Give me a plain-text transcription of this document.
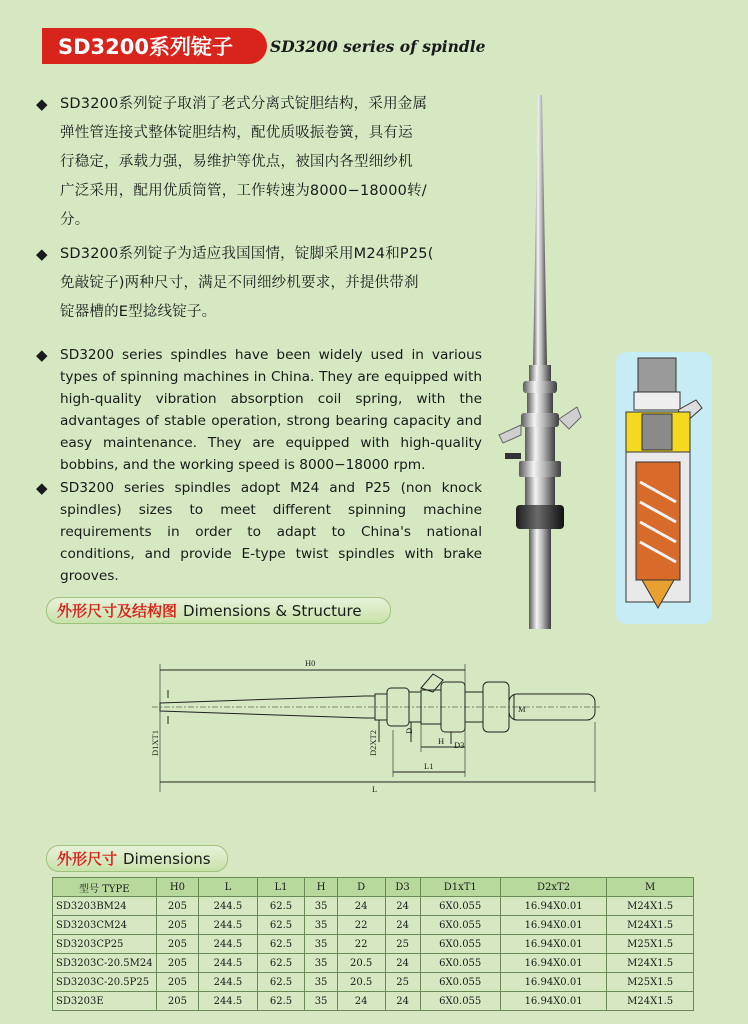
SD3200系列锭子 SD3200 series of spindle
◆ SD3200系列锭子取消了老式分离式锭胆结构，采用金属
弹性管连接式整体锭胆结构，配优质吸振卷簧，具有运
行稳定，承载力强，易维护等优点，被国内各型细纱机
广泛采用，配用优质筒管，工作转速为8000−18000转/
分。
◆ SD3200系列锭子为适应我国国情，锭脚采用M24和P25(
免敲锭子)两种尺寸，满足不同细纱机要求，并提供带刹
锭器槽的E型捻线锭子。
◆ SD3200 series spindles have been widely used in various types of spinning machines in China. They are equipped with high-quality vibration absorption coil spring, with the advantages of stable operation, strong bearing capacity and easy maintenance. They are equipped with high-quality bobbins, and the working speed is 8000−18000 rpm.
◆ SD3200 series spindles adopt M24 and P25 (non knock spindles) sizes to meet different spinning machine requirements in order to adapt to China's national conditions, and provide E-type twist spindles with brake grooves.
外形尺寸及结构图 Dimensions & Structure
H0
L
L1
H
D
D3
D1XT1	D2XT2
M
外形尺寸 Dimensions
型号 TYPE	H0	L	L1	H	D	D3	D1xT1	D2xT2	M
SD3203BM24	205	244.5	62.5	35	24	24	6X0.055	16.94X0.01	M24X1.5
SD3203CM24	205	244.5	62.5	35	22	24	6X0.055	16.94X0.01	M24X1.5
SD3203CP25	205	244.5	62.5	35	22	25	6X0.055	16.94X0.01	M25X1.5
SD3203C-20.5M24	205	244.5	62.5	35	20.5	24	6X0.055	16.94X0.01	M24X1.5
SD3203C-20.5P25	205	244.5	62.5	35	20.5	25	6X0.055	16.94X0.01	M25X1.5
SD3203E	205	244.5	62.5	35	24	24	6X0.055	16.94X0.01	M24X1.5
